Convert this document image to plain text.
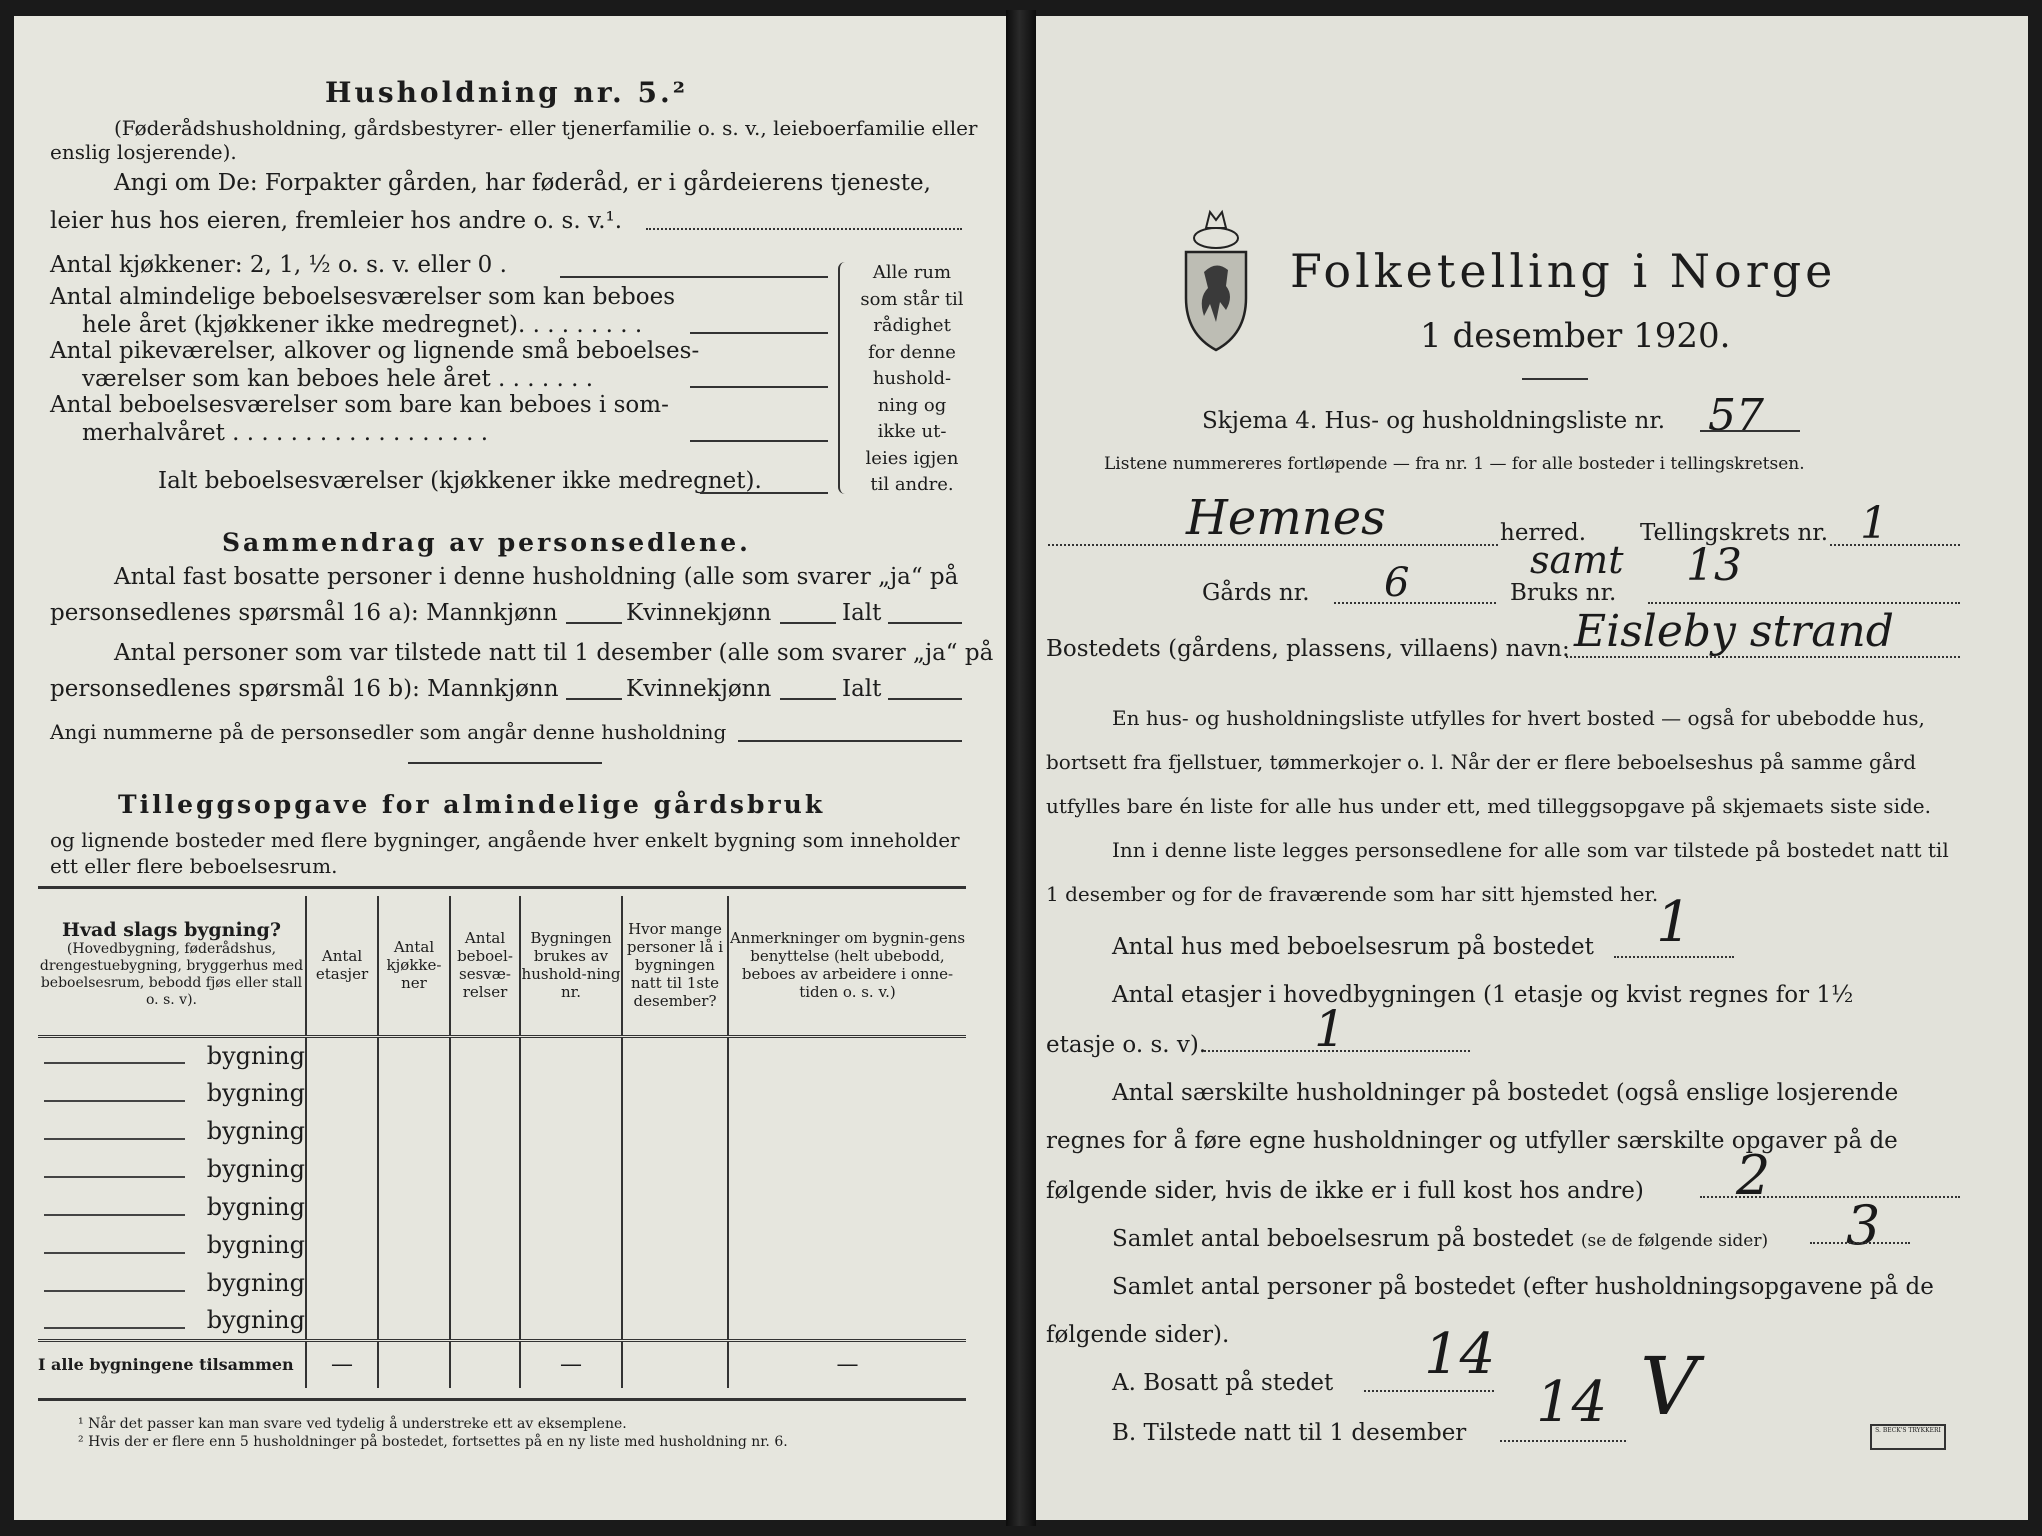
Husholdning nr. 5.²
(Føderådshusholdning, gårdsbestyrer- eller tjenerfamilie o. s. v., leieboerfamilie eller
enslig losjerende).
Angi om De: Forpakter gården, har føderåd, er i gårdeierens tjeneste,
leier hus hos eieren, fremleier hos andre o. s. v.¹.
Antal kjøkkener: 2, 1, ½ o. s. v. eller 0 .
Antal almindelige beboelsesværelser som kan beboes
hele året (kjøkkener ikke medregnet). . . . . . . . .
Antal pikeværelser, alkover og lignende små beboelses-
værelser som kan beboes hele året . . . . . . .
Antal beboelsesværelser som bare kan beboes i som-
merhalvåret . . . . . . . . . . . . . . . . . .
Ialt beboelsesværelser (kjøkkener ikke medregnet).
Alle rum
som står til
rådighet
for denne
hushold-
ning og
ikke ut-
leies igjen
til andre.
Sammendrag av personsedlene.
Antal fast bosatte personer i denne husholdning (alle som svarer „ja“ på
personsedlenes spørsmål 16 a): Mannkjønn	Kvinnekjønn	Ialt
Antal personer som var tilstede natt til 1 desember (alle som svarer „ja“ på
personsedlenes spørsmål 16 b): Mannkjønn	Kvinnekjønn	Ialt
Angi nummerne på de personsedler som angår denne husholdning
Tilleggsopgave for almindelige gårdsbruk
og lignende bosteder med flere bygninger, angående hver enkelt bygning som inneholder
ett eller flere beboelsesrum.
Hvad slags bygning?
(Hovedbygning, føderådshus, drengestuebygning, bryggerhus med beboelsesrum, bebodd fjøs eller stall o. s. v).	Antal etasjer	Antal kjøkke-ner	Antal beboel-sesvæ-relser	Bygningen brukes av hushold-ning nr.	Hvor mange personer lå i bygningen natt til 1ste desember?	Anmerkninger om bygnin-gens benyttelse (helt ubebodd, beboes av arbeidere i onne-tiden o. s. v.)

bygning						

bygning						

bygning						

bygning						

bygning						

bygning						

bygning						

bygning						
I alle bygningene tilsammen	—			—		—
¹ Når det passer kan man svare ved tydelig å understreke ett av eksemplene.
² Hvis der er flere enn 5 husholdninger på bostedet, fortsettes på en ny liste med husholdning nr. 6.
Folketelling i Norge
1 desember 1920.
Skjema 4. Hus- og husholdningsliste nr. 57
Listene nummereres fortløpende — fra nr. 1 — for alle bosteder i tellingskretsen.
Hemnes	herred. Tellingskrets nr. 1
Gårds nr. 6	Bruks nr.
samt 13
Bostedets (gårdens, plassens, villaens) navn: Eisleby strand
En hus- og husholdningsliste utfylles for hvert bosted — også for ubebodde hus,
bortsett fra fjellstuer, tømmerkojer o. l. Når der er flere beboelseshus på samme gård
utfylles bare én liste for alle hus under ett, med tilleggsopgave på skjemaets siste side.
Inn i denne liste legges personsedlene for alle som var tilstede på bostedet natt til
1 desember og for de fraværende som har sitt hjemsted her.
Antal hus med beboelsesrum på bostedet 1
Antal etasjer i hovedbygningen (1 etasje og kvist regnes for 1½
etasje o. s. v). 1
Antal særskilte husholdninger på bostedet (også enslige losjerende
regnes for å føre egne husholdninger og utfyller særskilte opgaver på de
følgende sider, hvis de ikke er i full kost hos andre) 2
Samlet antal beboelsesrum på bostedet (se de følgende sider) 3
Samlet antal personer på bostedet (efter husholdningsopgavene på de
følgende sider).
A. Bosatt på stedet 14
B. Tilstede natt til 1 desember 14 V	S. BECK'S TRYKKERI
